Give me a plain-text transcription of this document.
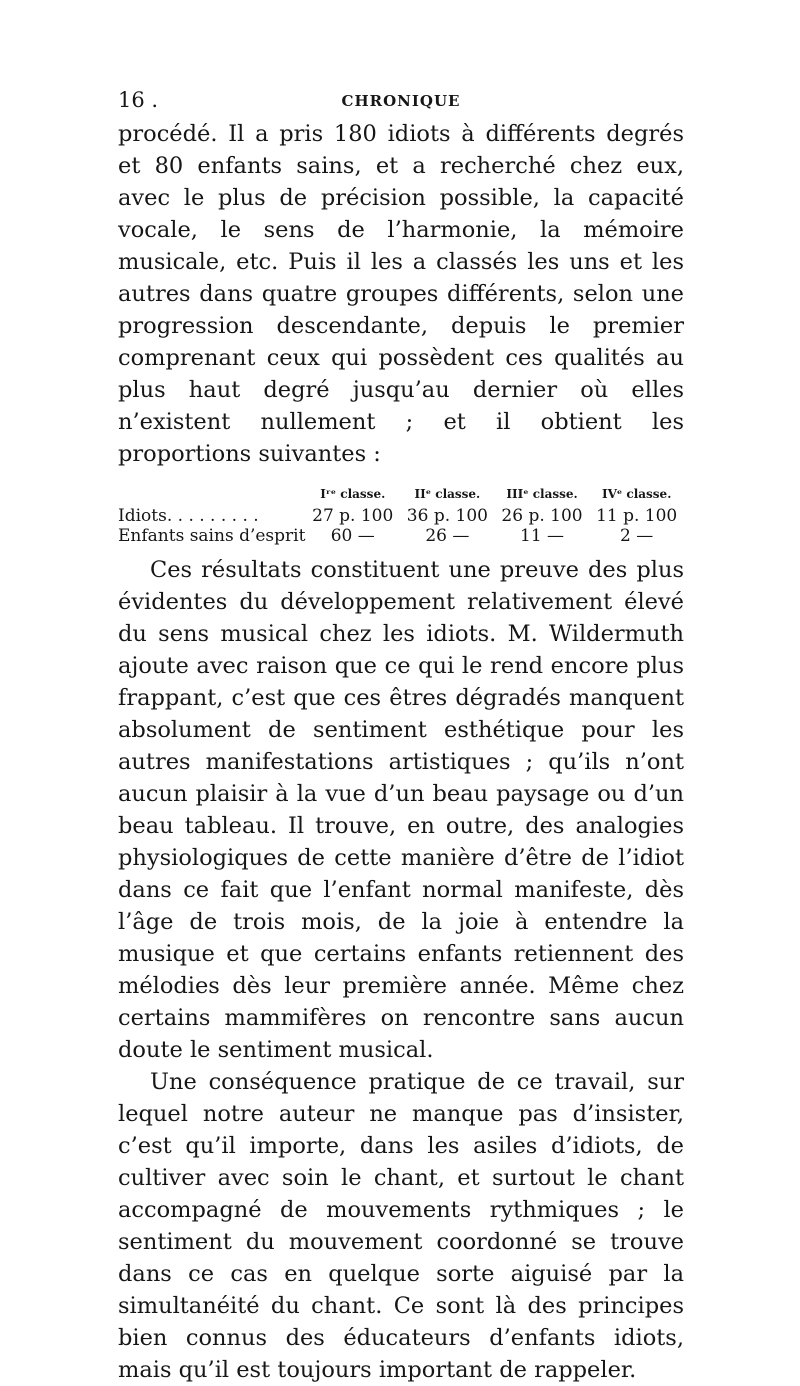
16 .	CHRONIQUE

procédé. Il a pris 180 idiots à différents degrés et 80 enfants sains, et a recherché chez eux, avec le plus de précision possible, la capacité vocale, le sens de l’harmonie, la mémoire musicale, etc. Puis il les a classés les uns et les autres dans quatre groupes différents, selon une progression descendante, depuis le premier comprenant ceux qui possèdent ces qualités au plus haut degré jusqu’au dernier où elles n’existent nullement ; et il obtient les proportions suivantes :

	Iʳᵉ classe.	IIᵉ classe.	IIIᵉ classe.	IVᵉ classe.
Idiots. . . . . . . . .	27 p. 100	36 p. 100	26 p. 100	11 p. 100
Enfants sains d’esprit	60 —	26 —	11 —	2 —

Ces résultats constituent une preuve des plus évidentes du développement relativement élevé du sens musical chez les idiots. M. Wildermuth ajoute avec raison que ce qui le rend encore plus frappant, c’est que ces êtres dégradés manquent absolument de sentiment esthétique pour les autres manifestations artistiques ; qu’ils n’ont aucun plaisir à la vue d’un beau paysage ou d’un beau tableau. Il trouve, en outre, des analogies physiologiques de cette manière d’être de l’idiot dans ce fait que l’enfant normal manifeste, dès l’âge de trois mois, de la joie à entendre la musique et que certains enfants retiennent des mélodies dès leur première année. Même chez certains mammifères on rencontre sans aucun doute le sentiment musical.

Une conséquence pratique de ce travail, sur lequel notre auteur ne manque pas d’insister, c’est qu’il importe, dans les asiles d’idiots, de cultiver avec soin le chant, et surtout le chant accompagné de mouvements rythmiques ; le sentiment du mouvement coordonné se trouve dans ce cas en quelque sorte aiguisé par la simultanéité du chant. Ce sont là des principes bien connus des éducateurs d’enfants idiots, mais qu’il est toujours important de rappeler.
